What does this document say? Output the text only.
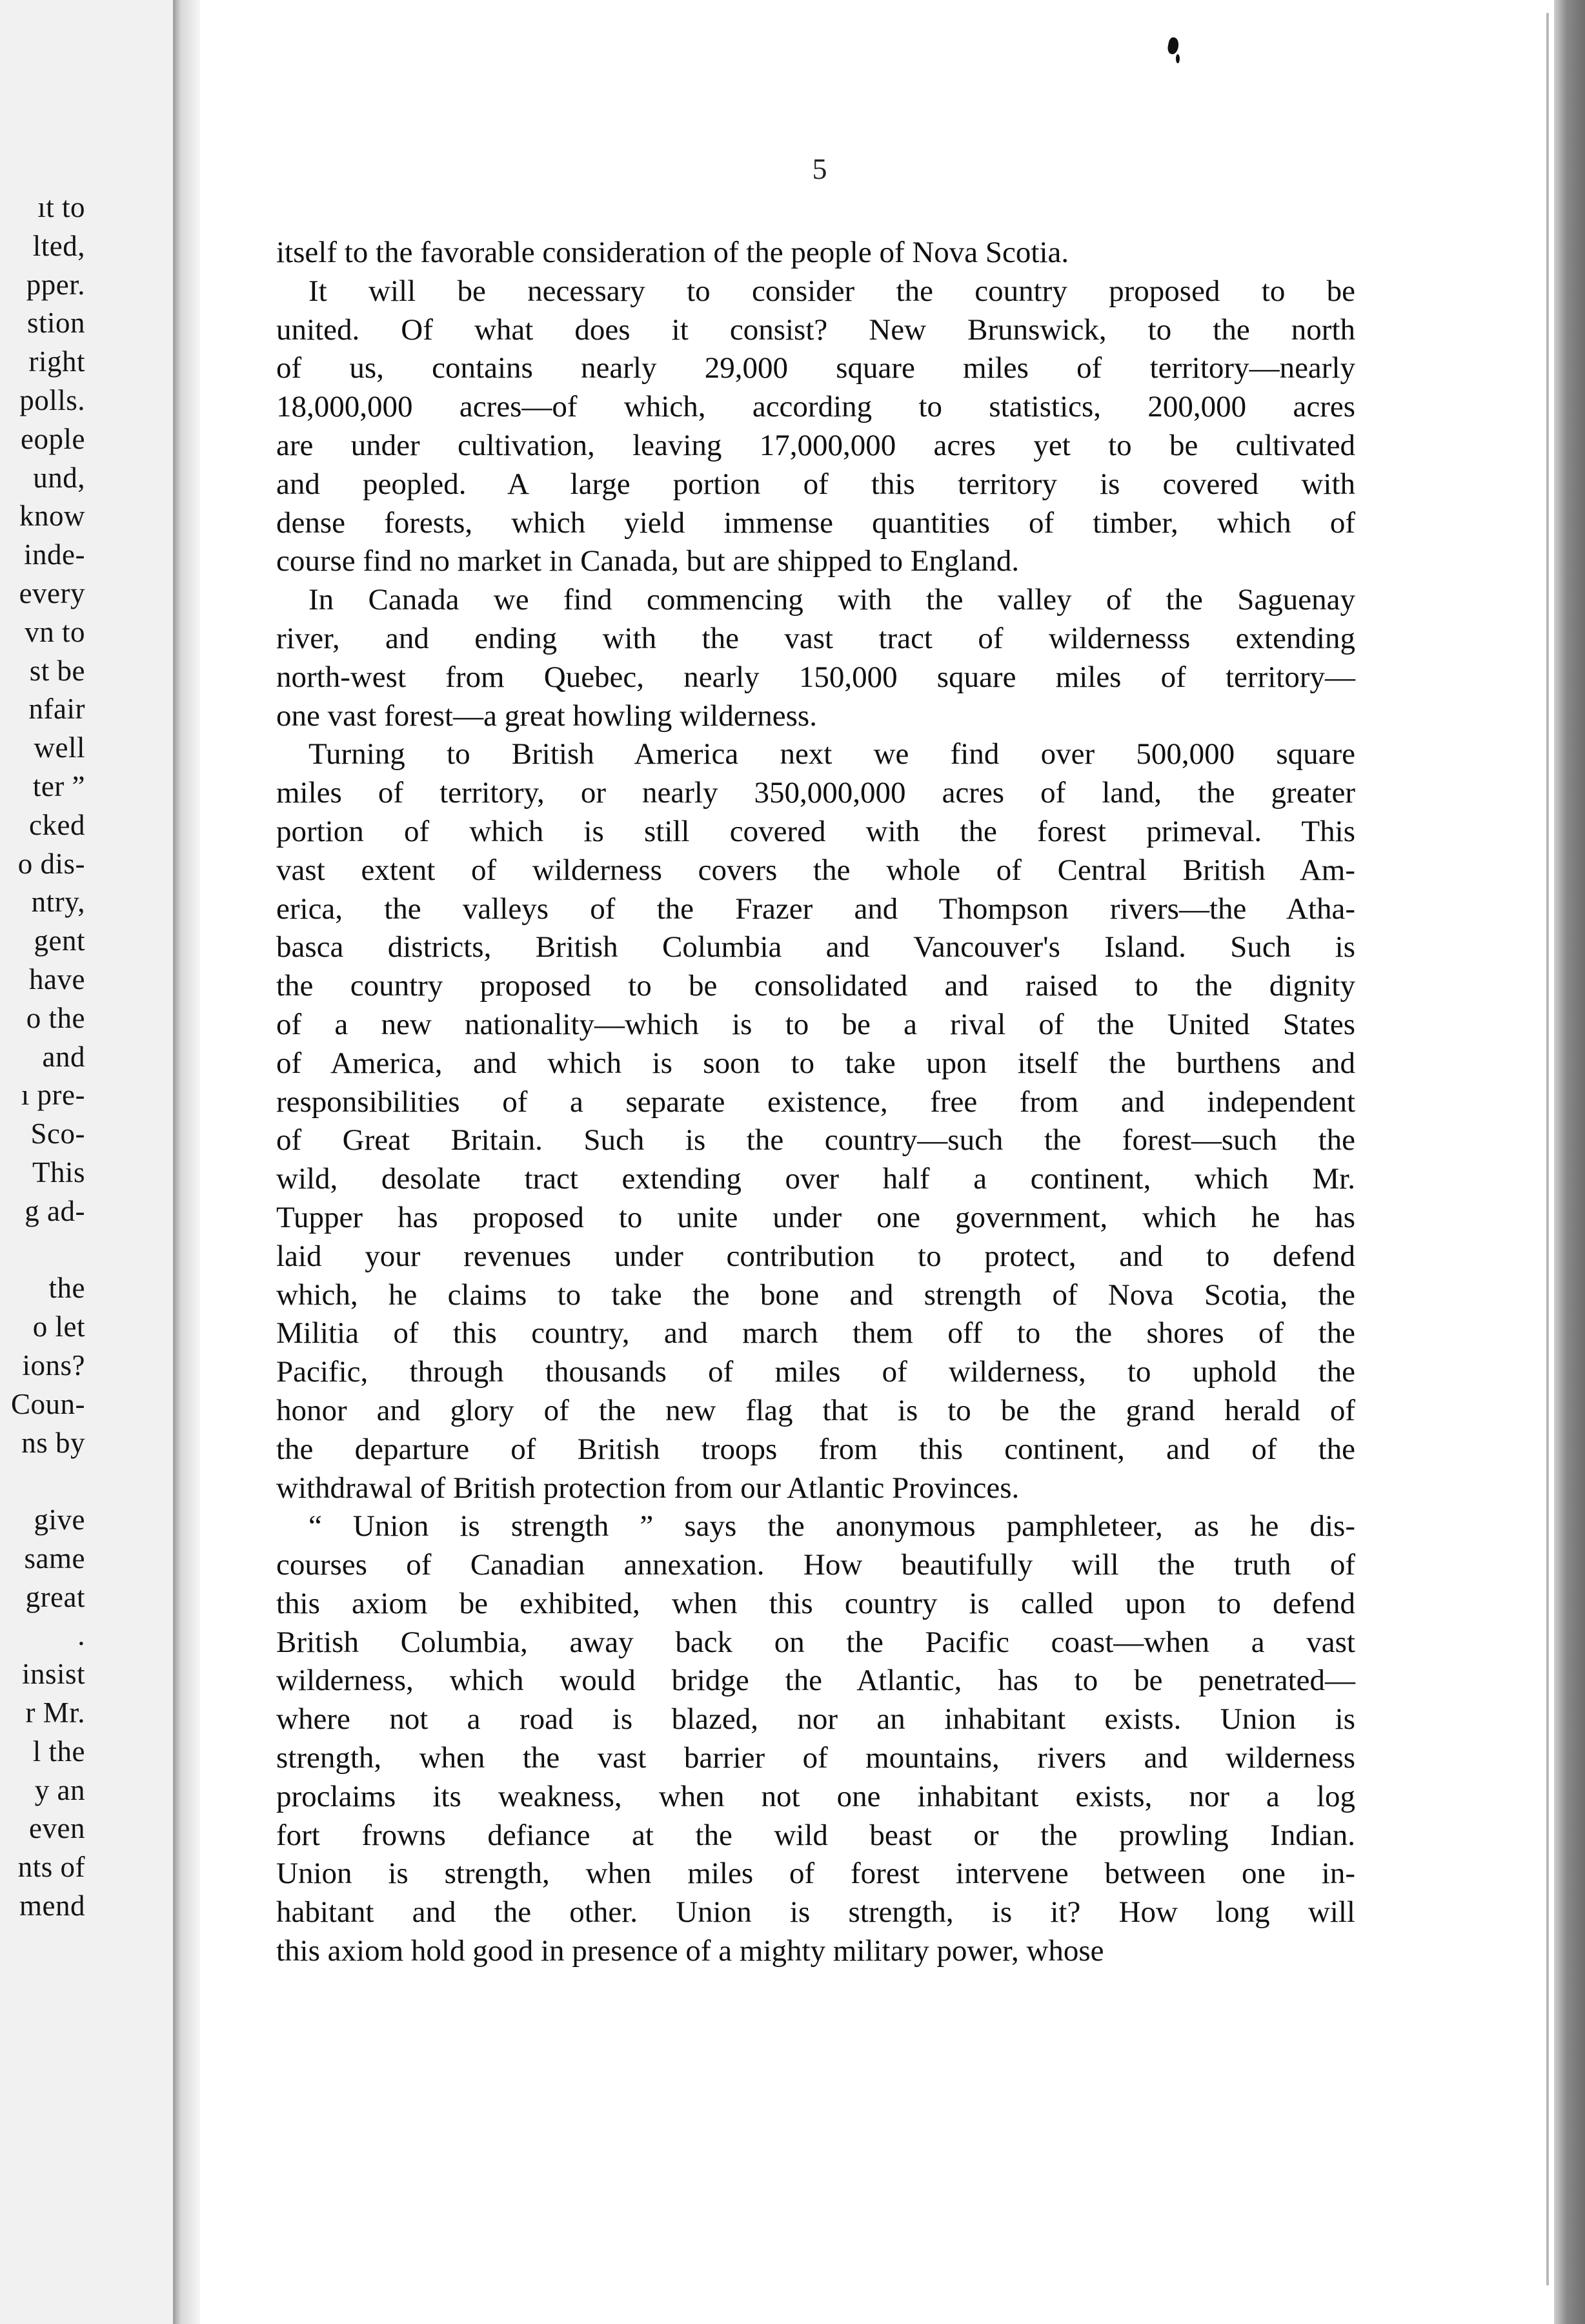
ıt to
lted,
pper.
stion
right
polls.
eople
und,
know
inde-
every
vn to
st be
nfair
well
ter ”
cked
o dis-
ntry,
gent
have
o the
and
ı pre-
Sco-
This
g ad-
the
o let
ions?
Coun-
ns by
give
same
great
.
insist
r Mr.
l the
y an
even
nts of
mend
5
itself to the favorable consideration of the people of Nova Scotia.
It will be necessary to consider the country proposed to be
united. Of what does it consist? New Brunswick, to the north
of us, contains nearly 29,000 square miles of territory—nearly
18,000,000 acres—of which, according to statistics, 200,000 acres
are under cultivation, leaving 17,000,000 acres yet to be cultivated
and peopled. A large portion of this territory is covered with
dense forests, which yield immense quantities of timber, which of
course find no market in Canada, but are shipped to England.
In Canada we find commencing with the valley of the Saguenay
river, and ending with the vast tract of wildernesss extending
north-west from Quebec, nearly 150,000 square miles of territory—
one vast forest—a great howling wilderness.
Turning to British America next we find over 500,000 square
miles of territory, or nearly 350,000,000 acres of land, the greater
portion of which is still covered with the forest primeval. This
vast extent of wilderness covers the whole of Central British Am-
erica, the valleys of the Frazer and Thompson rivers—the Atha-
basca districts, British Columbia and Vancouver's Island. Such is
the country proposed to be consolidated and raised to the dignity
of a new nationality—which is to be a rival of the United States
of America, and which is soon to take upon itself the burthens and
responsibilities of a separate existence, free from and independent
of Great Britain. Such is the country—such the forest—such the
wild, desolate tract extending over half a continent, which Mr.
Tupper has proposed to unite under one government, which he has
laid your revenues under contribution to protect, and to defend
which, he claims to take the bone and strength of Nova Scotia, the
Militia of this country, and march them off to the shores of the
Pacific, through thousands of miles of wilderness, to uphold the
honor and glory of the new flag that is to be the grand herald of
the departure of British troops from this continent, and of the
withdrawal of British protection from our Atlantic Provinces.
“ Union is strength ” says the anonymous pamphleteer, as he dis-
courses of Canadian annexation. How beautifully will the truth of
this axiom be exhibited, when this country is called upon to defend
British Columbia, away back on the Pacific coast—when a vast
wilderness, which would bridge the Atlantic, has to be penetrated—
where not a road is blazed, nor an inhabitant exists. Union is
strength, when the vast barrier of mountains, rivers and wilderness
proclaims its weakness, when not one inhabitant exists, nor a log
fort frowns defiance at the wild beast or the prowling Indian.
Union is strength, when miles of forest intervene between one in-
habitant and the other. Union is strength, is it? How long will
this axiom hold good in presence of a mighty military power, whose
